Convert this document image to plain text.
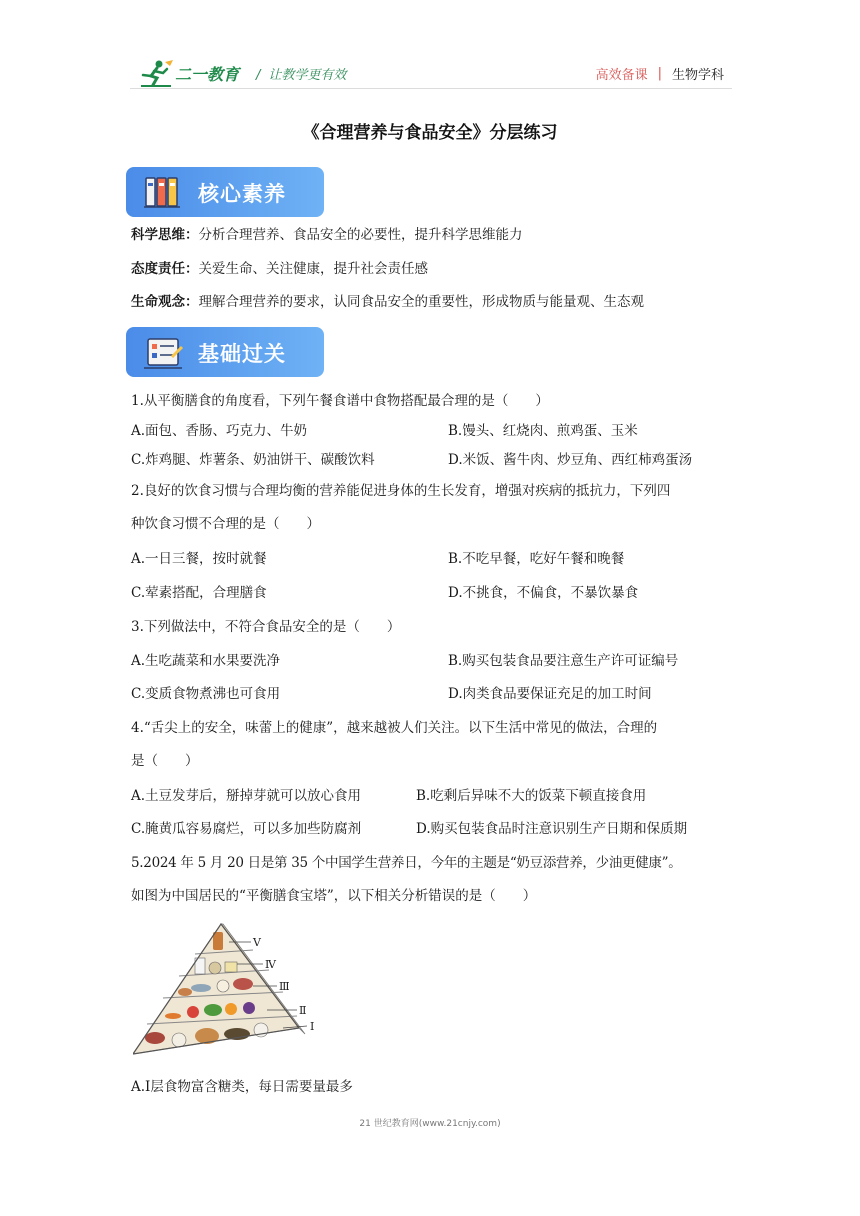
二一教育 / 让教学更有效	高效备课 | 生物学科
《合理营养与食品安全》分层练习
核心素养
科学思维：分析合理营养、食品安全的必要性，提升科学思维能力
态度责任：关爱生命、关注健康，提升社会责任感
生命观念：理解合理营养的要求，认同食品安全的重要性，形成物质与能量观、生态观
基础过关
1.从平衡膳食的角度看，下列午餐食谱中食物搭配最合理的是（　　）
A.面包、香肠、巧克力、牛奶	B.馒头、红烧肉、煎鸡蛋、玉米
C.炸鸡腿、炸薯条、奶油饼干、碳酸饮料	D.米饭、酱牛肉、炒豆角、西红柿鸡蛋汤
2.良好的饮食习惯与合理均衡的营养能促进身体的生长发育，增强对疾病的抵抗力，下列四
种饮食习惯不合理的是（　　）
A.一日三餐，按时就餐	B.不吃早餐，吃好午餐和晚餐
C.荤素搭配，合理膳食	D.不挑食，不偏食，不暴饮暴食
3.下列做法中，不符合食品安全的是（　　）
A.生吃蔬菜和水果要洗净	B.购买包装食品要注意生产许可证编号
C.变质食物煮沸也可食用	D.肉类食品要保证充足的加工时间
4.“舌尖上的安全，味蕾上的健康”，越来越被人们关注。以下生活中常见的做法，合理的
是（　　）
A.土豆发芽后，掰掉芽就可以放心食用	B.吃剩后异味不大的饭菜下顿直接食用
C.腌黄瓜容易腐烂，可以多加些防腐剂	D.购买包装食品时注意识别生产日期和保质期
5.2024 年 5 月 20 日是第 35 个中国学生营养日，今年的主题是“奶豆添营养，少油更健康”。
如图为中国居民的“平衡膳食宝塔”，以下相关分析错误的是（　　）
Ⅴ
Ⅳ
Ⅲ
Ⅱ
Ⅰ
A.Ⅰ层食物富含糖类，每日需要量最多
21 世纪教育网(www.21cnjy.com)
